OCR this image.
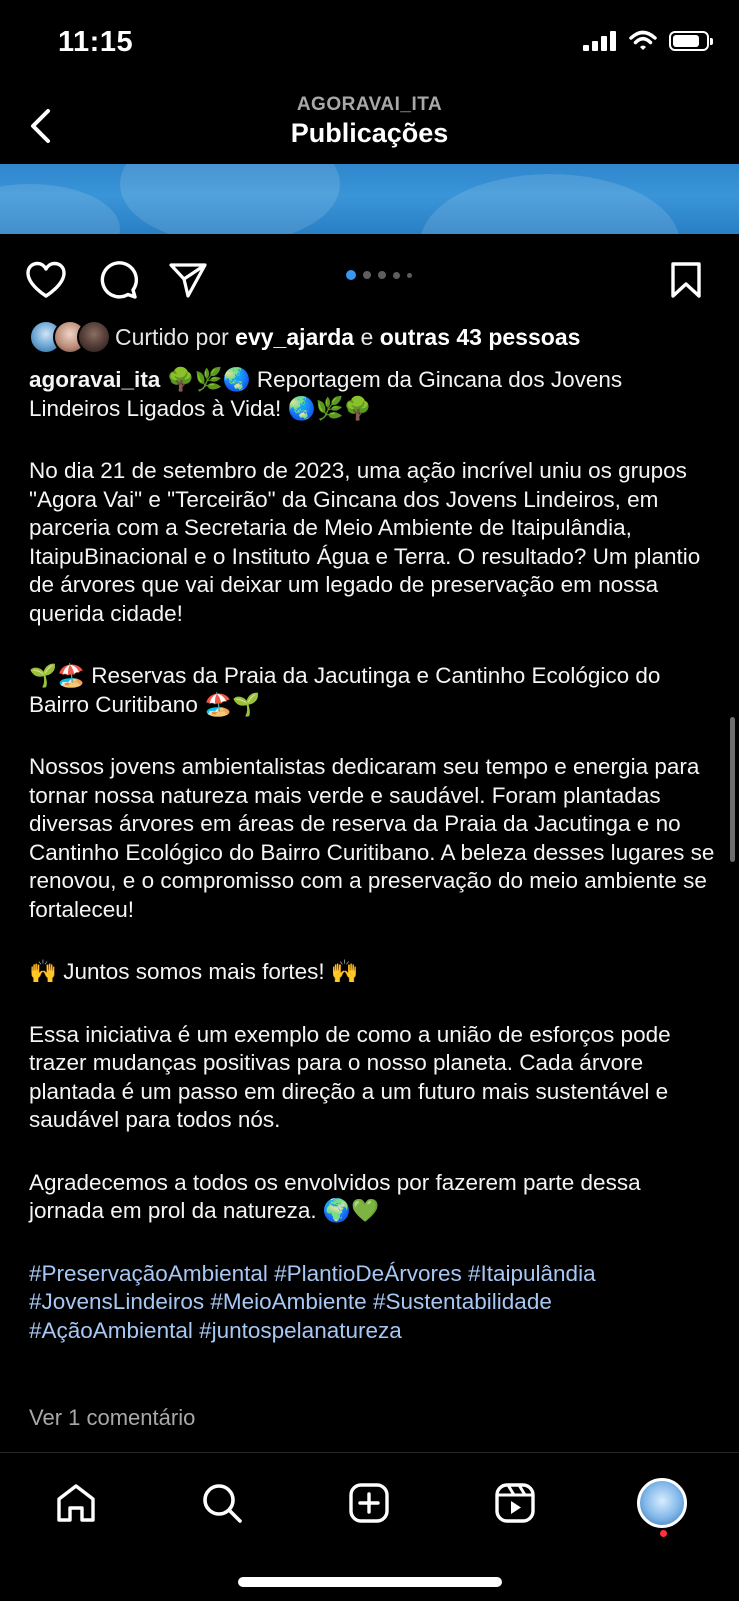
11:15
AGORAVAI_ITA
Publicações
Curtido por
evy_ajarda
e
outras 43 pessoas

agoravai_ita 🌳🌿🌏 Reportagem da Gincana dos Jovens Lindeiros Ligados à Vida! 🌏🌿🌳

No dia 21 de setembro de 2023, uma ação incrível uniu os grupos "Agora Vai" e "Terceirão" da Gincana dos Jovens Lindeiros, em parceria com a Secretaria de Meio Ambiente de Itaipulândia, ItaipuBinacional e o Instituto Água e Terra. O resultado? Um plantio de árvores que vai deixar um legado de preservação em nossa querida cidade!

🌱🏖️ Reservas da Praia da Jacutinga e Cantinho Ecológico do Bairro Curitibano 🏖️🌱

Nossos jovens ambientalistas dedicaram seu tempo e energia para tornar nossa natureza mais verde e saudável. Foram plantadas diversas árvores em áreas de reserva da Praia da Jacutinga e no Cantinho Ecológico do Bairro Curitibano. A beleza desses lugares se renovou, e o compromisso com a preservação do meio ambiente se fortaleceu!

🙌 Juntos somos mais fortes! 🙌

Essa iniciativa é um exemplo de como a união de esforços pode trazer mudanças positivas para o nosso planeta. Cada árvore plantada é um passo em direção a um futuro mais sustentável e saudável para todos nós.

Agradecemos a todos os envolvidos por fazerem parte dessa jornada em prol da natureza. 🌍💚

#PreservaçãoAmbiental #PlantioDeÁrvores #Itaipulândia #JovensLindeiros #MeioAmbiente #Sustentabilidade #AçãoAmbiental #juntospelanatureza

Ver 1 comentário
